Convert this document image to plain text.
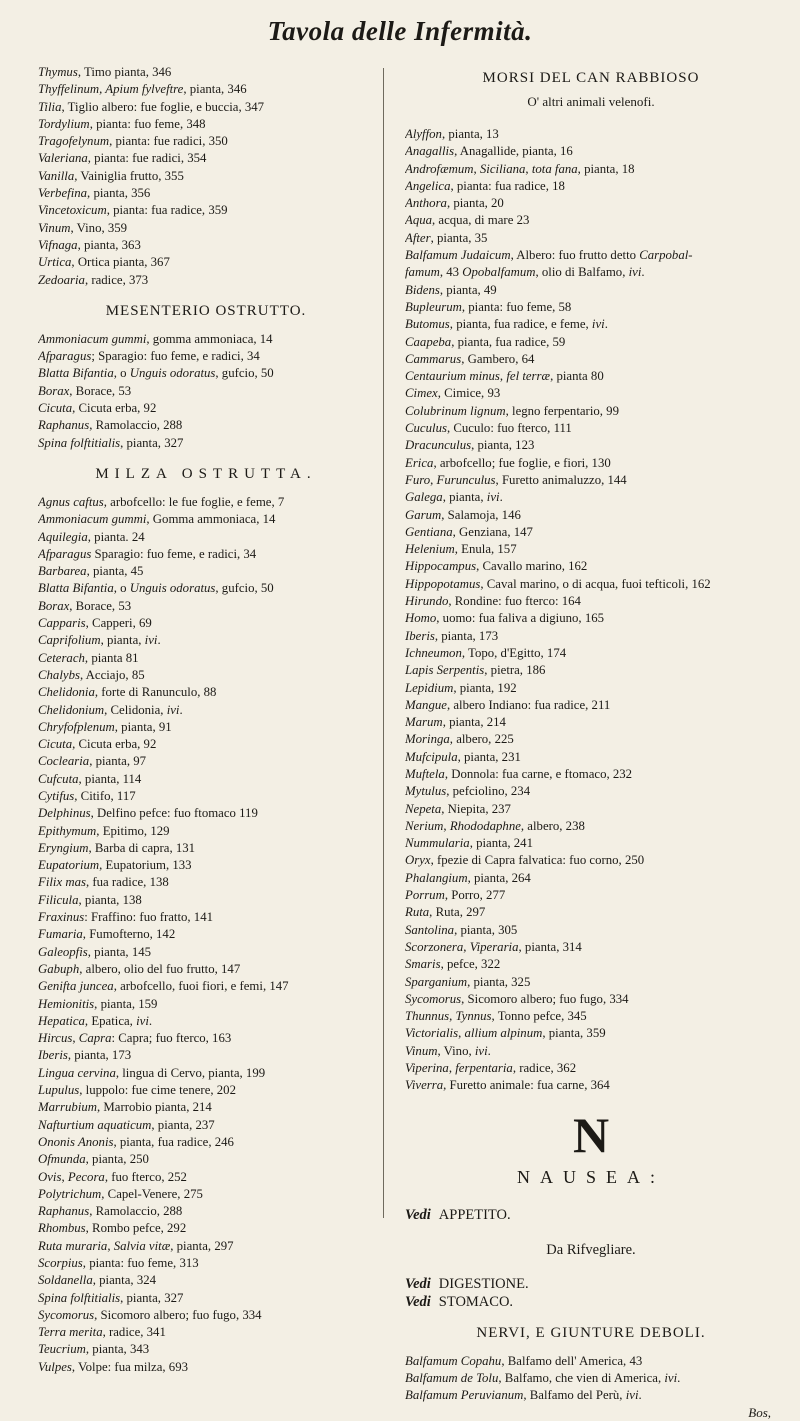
Tavola delle Infermità.
Thymus, Timo pianta, 346
Thyffelinum, Apium fylveftre, pianta, 346
Tilia, Tiglio albero: fue foglie, e buccia, 347
Tordylium, pianta: fuo feme, 348
Tragofelynum, pianta: fue radici, 350
Valeriana, pianta: fue radici, 354
Vanilla, Vainiglia frutto, 355
Verbefina, pianta, 356
Vincetoxicum, pianta: fua radice, 359
Vinum, Vino, 359
Vifnaga, pianta, 363
Urtica, Ortica pianta, 367
Zedoaria, radice, 373
MESENTERIO OSTRUTTO.
Ammoniacum gummi, gomma ammoniaca, 14
Afparagus; Sparagio: fuo feme, e radici, 34
Blatta Bifantia, o Unguis odoratus, gufcio, 50
Borax, Borace, 53
Cicuta, Cicuta erba, 92
Raphanus, Ramolaccio, 288
Spina folftitialis, pianta, 327
MILZA OSTRUTTA.
Agnus caftus, arbofcello: le fue foglie, e feme, 7
Ammoniacum gummi, Gomma ammoniaca, 14
Aquilegia, pianta. 24
Afparagus Sparagio: fuo feme, e radici, 34
Barbarea, pianta, 45
Blatta Bifantia, o Unguis odoratus, gufcio, 50
Borax, Borace, 53
Capparis, Capperi, 69
Caprifolium, pianta, ivi.
Ceterach, pianta 81
Chalybs, Acciajo, 85
Chelidonia, forte di Ranunculo, 88
Chelidonium, Celidonia, ivi.
Chryfofplenum, pianta, 91
Cicuta, Cicuta erba, 92
Coclearia, pianta, 97
Cufcuta, pianta, 114
Cytifus, Citifo, 117
Delphinus, Delfino pefce: fuo ftomaco 119
Epithymum, Epitimo, 129
Eryngium, Barba di capra, 131
Eupatorium, Eupatorium, 133
Filix mas, fua radice, 138
Filicula, pianta, 138
Fraxinus: Fraffino: fuo fratto, 141
Fumaria, Fumofterno, 142
Galeopfis, pianta, 145
Gabuph, albero, olio del fuo frutto, 147
Genifta juncea, arbofcello, fuoi fiori, e femi, 147
Hemionitis, pianta, 159
Hepatica, Epatica, ivi.
Hircus, Capra: Capra; fuo fterco, 163
Iberis, pianta, 173
Lingua cervina, lingua di Cervo, pianta, 199
Lupulus, luppolo: fue cime tenere, 202
Marrubium, Marrobio pianta, 214
Nafturtium aquaticum, pianta, 237
Ononis Anonis, pianta, fua radice, 246
Ofmunda, pianta, 250
Ovis, Pecora, fuo fterco, 252
Polytrichum, Capel-Venere, 275
Raphanus, Ramolaccio, 288
Rhombus, Rombo pefce, 292
Ruta muraria, Salvia vitæ, pianta, 297
Scorpius, pianta: fuo feme, 313
Soldanella, pianta, 324
Spina folftitialis, pianta, 327
Sycomorus, Sicomoro albero; fuo fugo, 334
Terra merita, radice, 341
Teucrium, pianta, 343
Vulpes, Volpe: fua milza, 693
MORSI DEL CAN RABBIOSO
O' altri animali velenofi.
Alyffon, pianta, 13
Anagallis, Anagallide, pianta, 16
Androfæmum, Siciliana, tota fana, pianta, 18
Angelica, pianta: fua radice, 18
Anthora, pianta, 20
Aqua, acqua, di mare 23
After, pianta, 35
Balfamum Judaicum, Albero: fuo frutto detto Carpobal-
famum, 43 Opobalfamum, olio di Balfamo, ivi.
Bidens, pianta, 49
Bupleurum, pianta: fuo feme, 58
Butomus, pianta, fua radice, e feme, ivi.
Caapeba, pianta, fua radice, 59
Cammarus, Gambero, 64
Centaurium minus, fel terræ, pianta 80
Cimex, Cimice, 93
Colubrinum lignum, legno ferpentario, 99
Cuculus, Cuculo: fuo fterco, 111
Dracunculus, pianta, 123
Erica, arbofcello; fue foglie, e fiori, 130
Furo, Furunculus, Furetto animaluzzo, 144
Galega, pianta, ivi.
Garum, Salamoja, 146
Gentiana, Genziana, 147
Helenium, Enula, 157
Hippocampus, Cavallo marino, 162
Hippopotamus, Caval marino, o di acqua, fuoi tefticoli, 162
Hirundo, Rondine: fuo fterco: 164
Homo, uomo: fua faliva a digiuno, 165
Iberis, pianta, 173
Ichneumon, Topo, d'Egitto, 174
Lapis Serpentis, pietra, 186
Lepidium, pianta, 192
Mangue, albero Indiano: fua radice, 211
Marum, pianta, 214
Moringa, albero, 225
Mufcipula, pianta, 231
Muftela, Donnola: fua carne, e ftomaco, 232
Mytulus, pefciolino, 234
Nepeta, Niepita, 237
Nerium, Rhododaphne, albero, 238
Nummularia, pianta, 241
Oryx, fpezie di Capra falvatica: fuo corno, 250
Phalangium, pianta, 264
Porrum, Porro, 277
Ruta, Ruta, 297
Santolina, pianta, 305
Scorzonera, Viperaria, pianta, 314
Smaris, pefce, 322
Sparganium, pianta, 325
Sycomorus, Sicomoro albero; fuo fugo, 334
Thunnus, Tynnus, Tonno pefce, 345
Victorialis, allium alpinum, pianta, 359
Vinum, Vino, ivi.
Viperina, ferpentaria, radice, 362
Viverra, Furetto animale: fua carne, 364
N
NAUSEA:
Vedi APPETITO.
Da Rifvegliare.
Vedi DIGESTIONE.
Vedi STOMACO.
NERVI, E GIUNTURE DEBOLI.
Balfamum Copahu, Balfamo dell' America, 43
Balfamum de Tolu, Balfamo, che vien di America, ivi.
Balfamum Peruvianum, Balfamo del Perù, ivi.
Bos,
